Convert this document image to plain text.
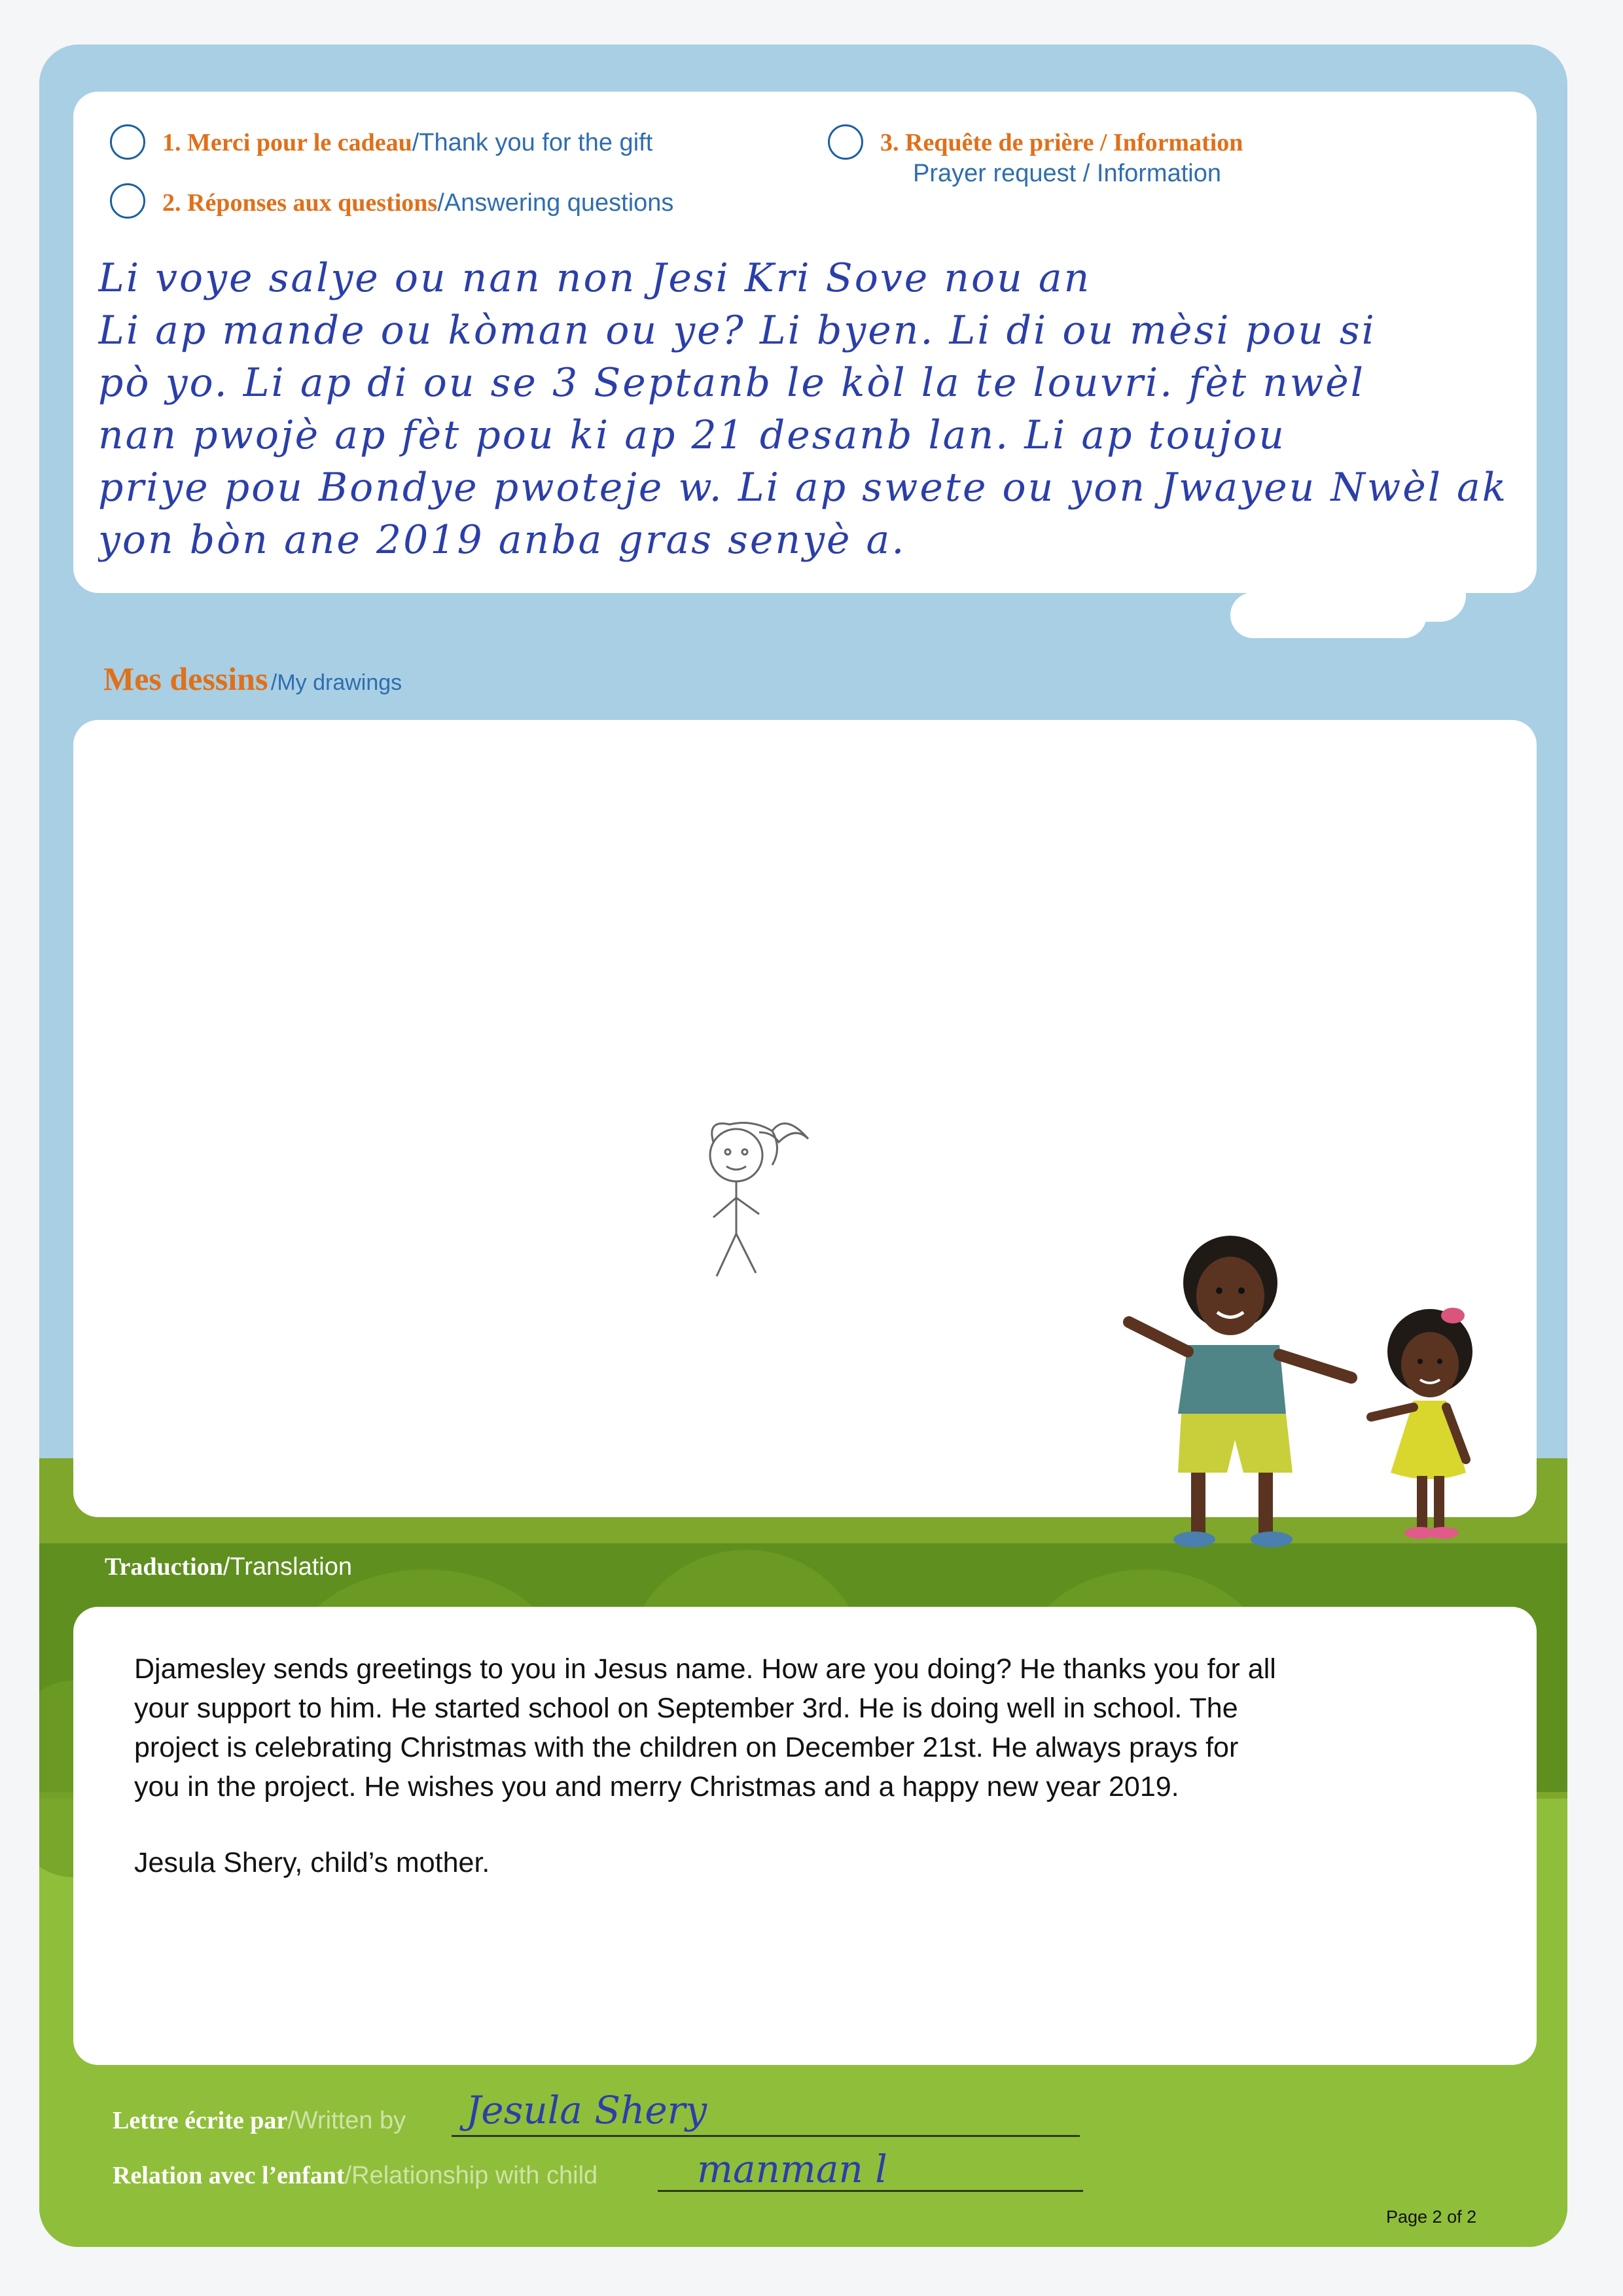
1. Merci pour le cadeau/Thank you for the gift
2. Réponses aux questions/Answering questions
3. Requête de prière / Information
Prayer request / Information
Li voye salye ou nan non Jesi Kri Sove nou an
Li ap mande ou kòman ou ye? Li byen. Li di ou mèsi pou si
pò yo. Li ap di ou se 3 Septanb le kòl la te louvri. fèt nwèl
nan pwojè ap fèt pou ki ap 21 desanb lan. Li ap toujou
priye pou Bondye pwoteje w. Li ap swete ou yon Jwayeu Nwèl ak
yon bòn ane 2019 anba gras senyè a.
Mes dessins /My drawings
Traduction/Translation
Djamesley sends greetings to you in Jesus name. How are you doing? He thanks you for all
your support to him. He started school on September 3rd. He is doing well in school. The
project is celebrating Christmas with the children on December 21st. He always prays for
you in the project. He wishes you and merry Christmas and a happy new year 2019.
Jesula Shery, child’s mother.
Lettre écrite par/Written by Jesula Shery
Relation avec l’enfant/Relationship with child	manman l
Page 2 of 2
